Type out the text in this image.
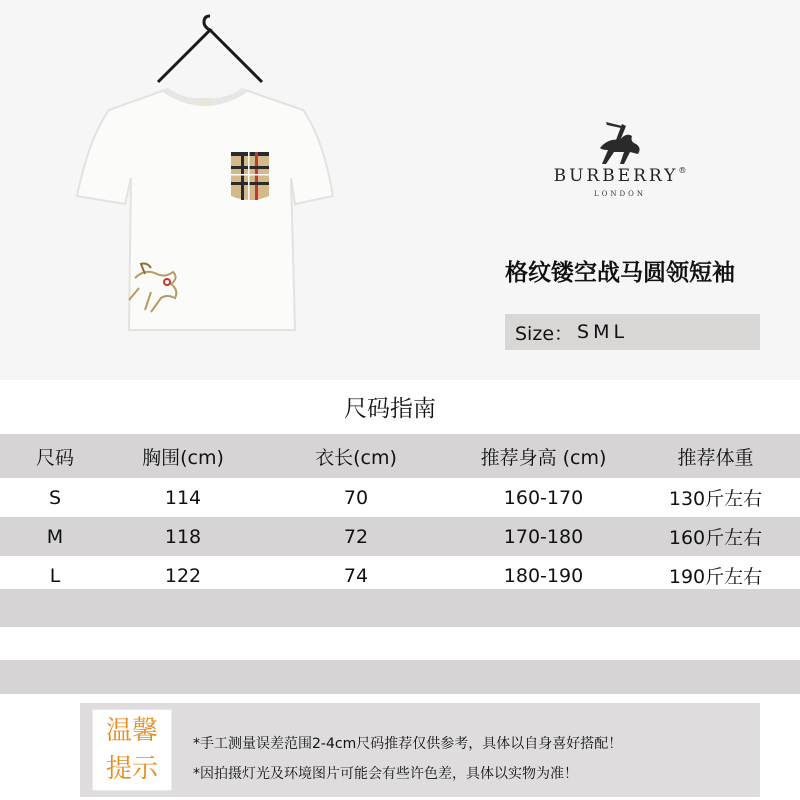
BURBERRY®
LONDON
格纹镂空战马圆领短袖
Size： S M L
尺码指南
尺码	胸围(cm)	衣长(cm)	推荐身高 (cm)	推荐体重
S	114	70	160-170	130斤左右
M	118	72	170-180	160斤左右
L	122	74	180-190	190斤左右
温馨
提示
*手工测量误差范围2-4cm尺码推荐仅供参考，具体以自身喜好搭配！
*因拍摄灯光及环境图片可能会有些许色差，具体以实物为准！
